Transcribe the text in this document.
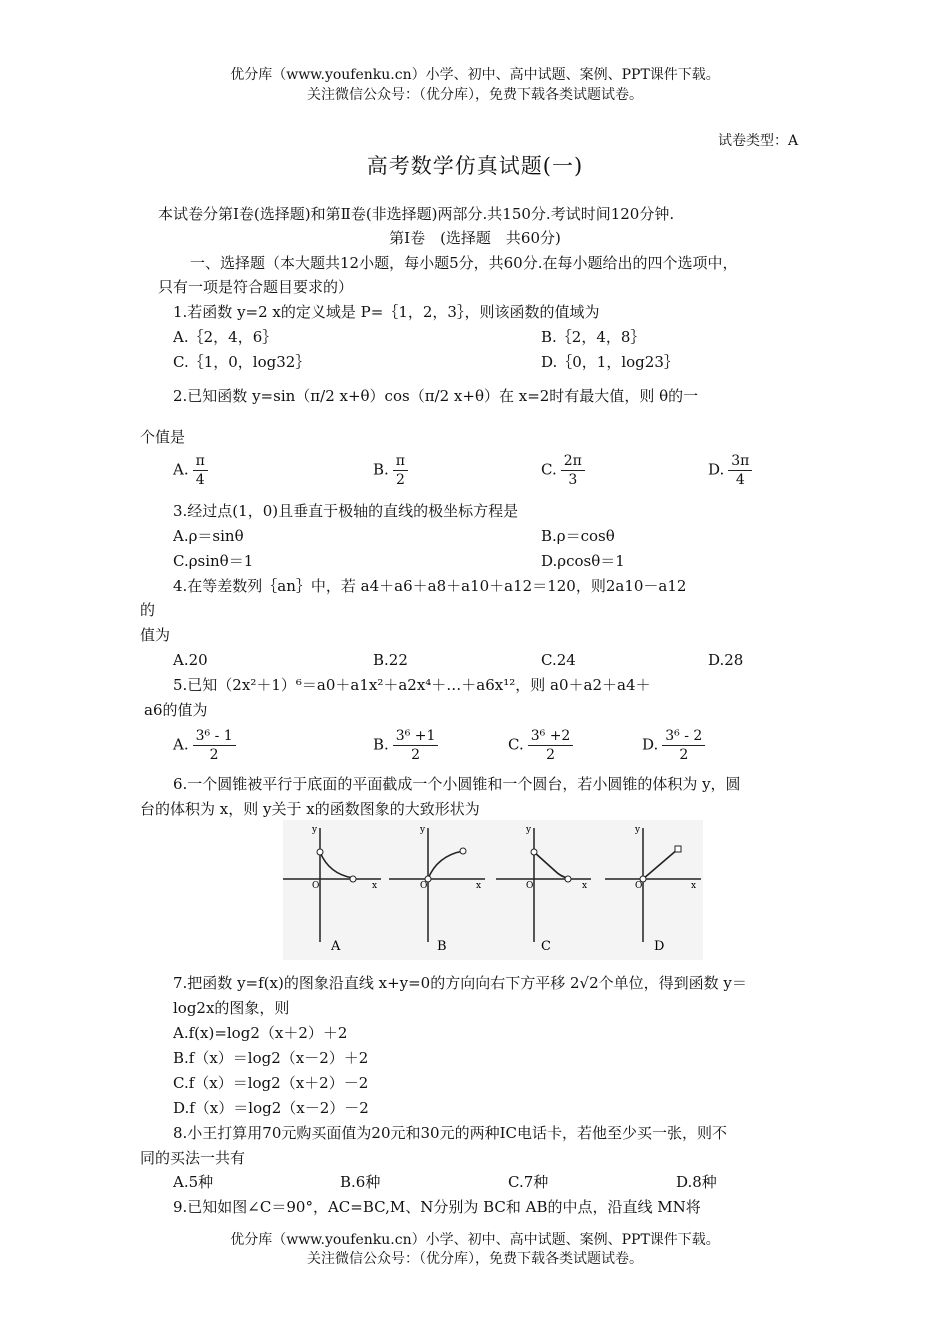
优分库（www.youfenku.cn）小学、初中、高中试题、案例、PPT课件下载。
关注微信公众号：（优分库），免费下载各类试题试卷。
试卷类型：A
高考数学仿真试题(一)
本试卷分第Ⅰ卷(选择题)和第Ⅱ卷(非选择题)两部分.共150分.考试时间120分钟.
第Ⅰ卷　(选择题　共60分)
一、选择题（本大题共12小题，每小题5分，共60分.在每小题给出的四个选项中，
只有一项是符合题目要求的）
1.若函数 y=2 x的定义域是 P=｛1，2，3｝，则该函数的值域为
A.｛2，4，6｝	B.｛2，4，8｝
C.｛1，0，log32｝	D.｛0，1，log23｝
2.已知函数 y=sin（π/2 x+θ）cos（π/2 x+θ）在 x=2时有最大值，则 θ的一
个值是
A. $\frac{\pi}{4}$	B. $\frac{\pi}{2}$	C. $\frac{2\pi}{3}$	D. $\frac{3\pi}{4}$
3.经过点(1，0)且垂直于极轴的直线的极坐标方程是
A.ρ＝sinθ	B.ρ＝cosθ
C.ρsinθ＝1	D.ρcosθ＝1
4.在等差数列｛an｝中，若 a4＋a6＋a8＋a10＋a12＝120，则2a10－a12
的
值为
A.20	B.22	C.24	D.28
5.已知（2x²＋1）⁶＝a0＋a1x²＋a2x⁴＋…＋a6x¹²，则 a0＋a2＋a4＋
a6的值为
A. $\frac{\text{3⁶ - 1}}{2}$	B. $\frac{\text{3⁶ +1}}{2}$	C. $\frac{\text{3⁶ +2}}{2}$	D. $\frac{\text{3⁶ - 2}}{2}$
6.一个圆锥被平行于底面的平面截成一个小圆锥和一个圆台，若小圆锥的体积为 y，圆
台的体积为 x，则 y关于 x的函数图象的大致形状为
y
x
O
A
y
x
O
B
y
x
O
C
y
x
O
D
7.把函数 y=f(x)的图象沿直线 x+y=0的方向向右下方平移 2√2个单位，得到函数 y＝
log2x的图象，则
A.f(x)=log2（x＋2）＋2
B.f（x）＝log2（x－2）＋2
C.f（x）＝log2（x＋2）－2
D.f（x）＝log2（x－2）－2
8.小王打算用70元购买面值为20元和30元的两种IC电话卡，若他至少买一张，则不
同的买法一共有
A.5种	B.6种	C.7种	D.8种
9.已知如图∠C＝90°，AC=BC,M、N分别为 BC和 AB的中点，沿直线 MN将
优分库（www.youfenku.cn）小学、初中、高中试题、案例、PPT课件下载。
关注微信公众号：（优分库），免费下载各类试题试卷。
